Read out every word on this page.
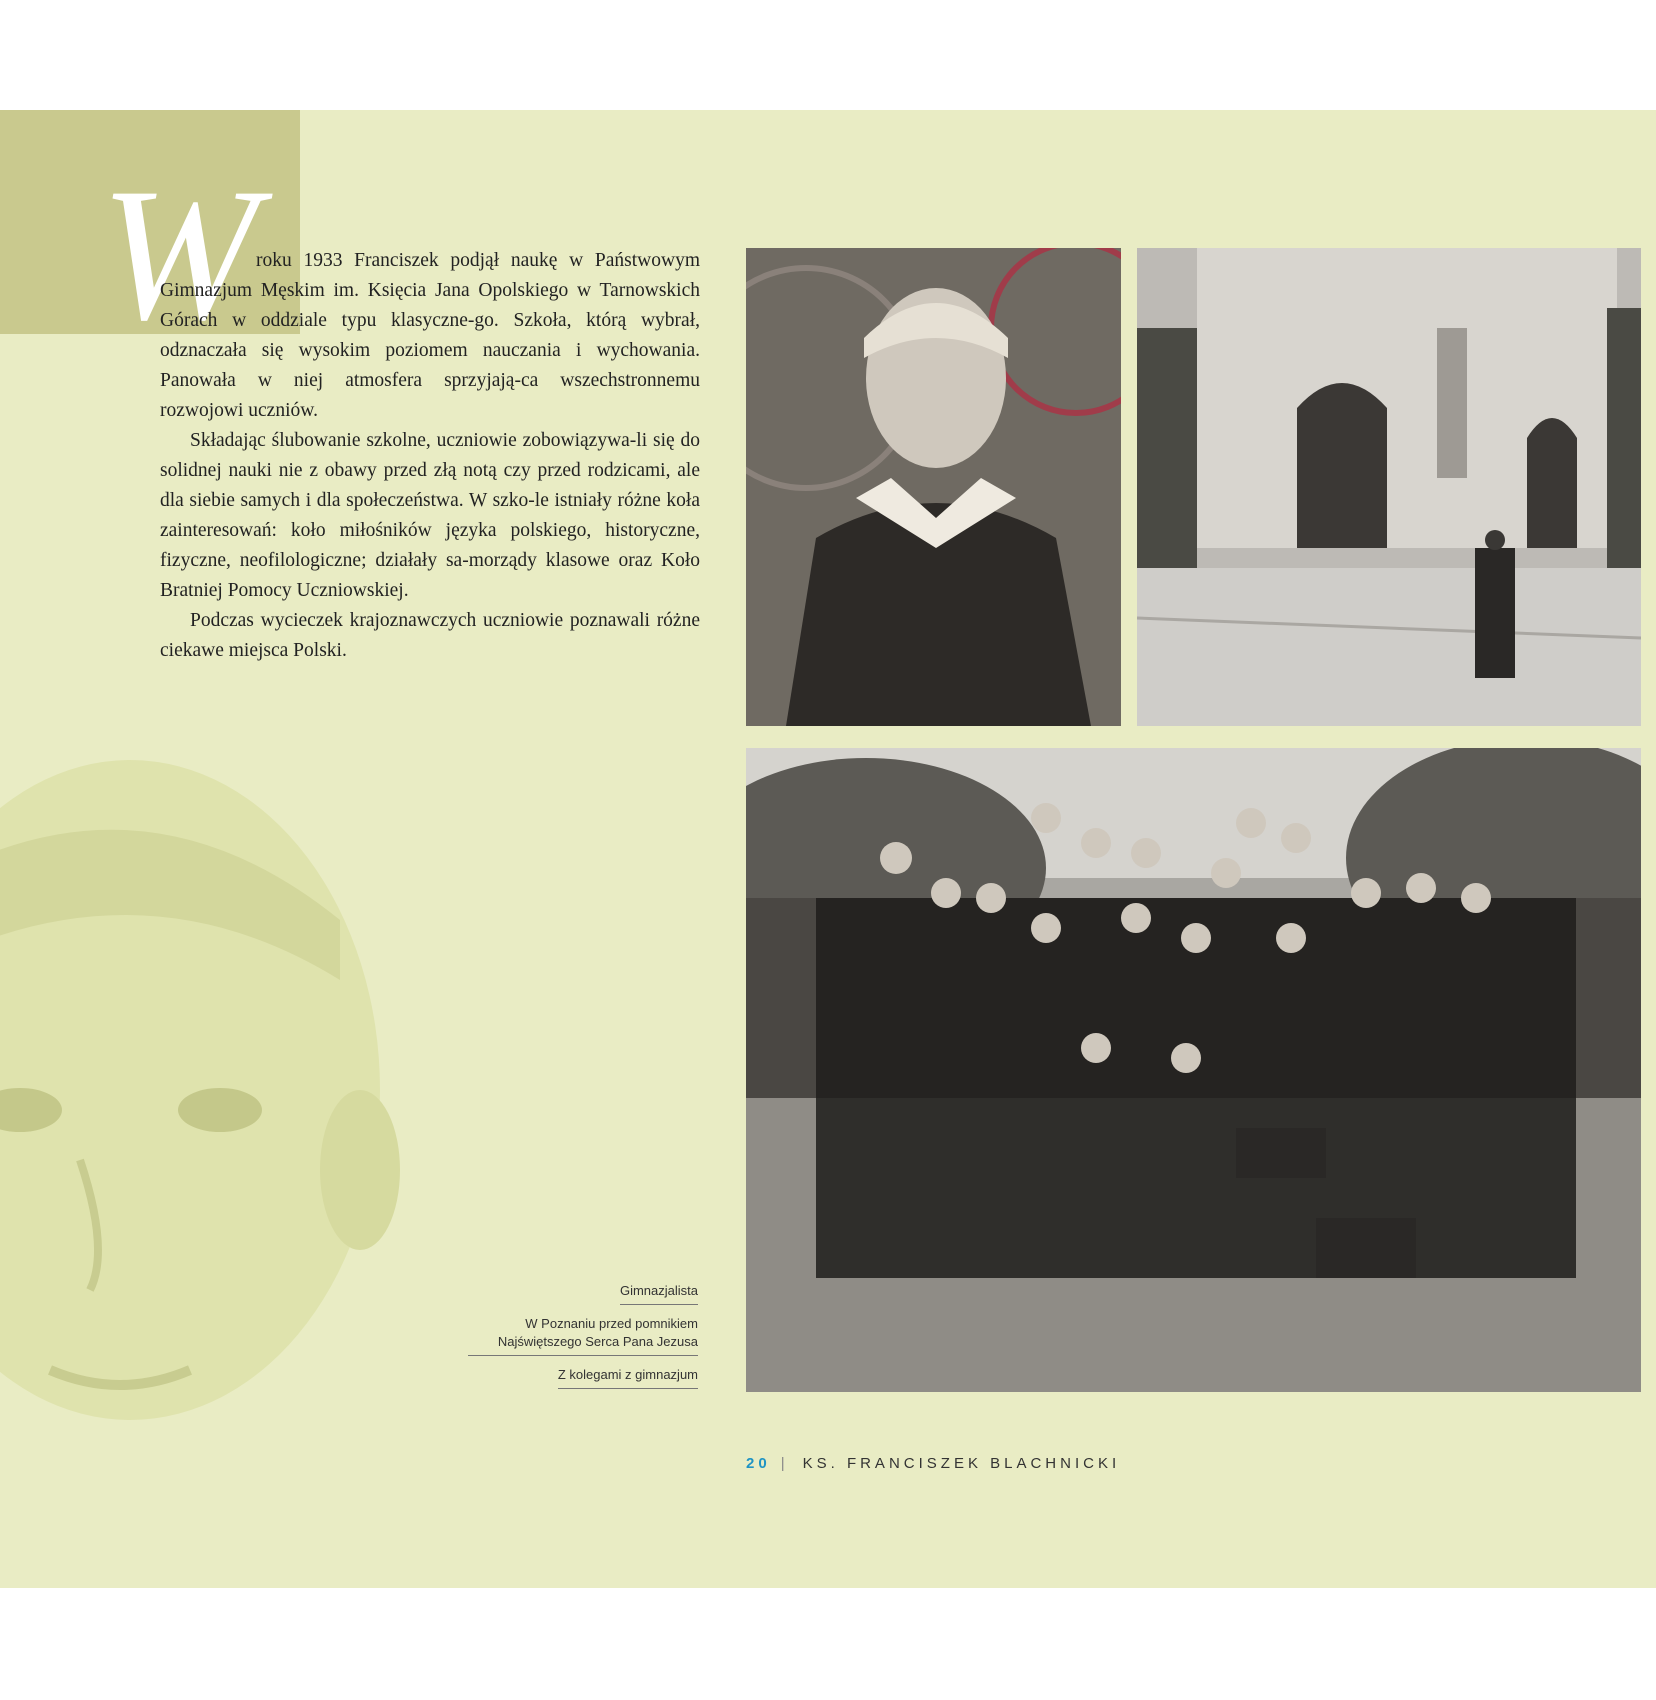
W

roku 1933 Franciszek podjął naukę w Państwowym Gimnazjum Męskim im. Księcia Jana Opolskiego w Tarnowskich Górach w oddziale typu klasyczne-go. Szkoła, którą wybrał, odznaczała się wysokim poziomem nauczania i wychowania. Panowała w niej atmosfera sprzyjają-ca wszechstronnemu rozwojowi uczniów.

Składając ślubowanie szkolne, uczniowie zobowiązywa-li się do solidnej nauki nie z obawy przed złą notą czy przed rodzicami, ale dla siebie samych i dla społeczeństwa. W szko-le istniały różne koła zainteresowań: koło miłośników języka polskiego, historyczne, fizyczne, neofilologiczne; działały sa-morządy klasowe oraz Koło Bratniej Pomocy Uczniowskiej.

Podczas wycieczek krajoznawczych uczniowie poznawali różne ciekawe miejsca Polski.

Gimnazjalista
W Poznaniu przed pomnikiem Najświętszego Serca Pana Jezusa
Z kolegami z gimnazjum
20 | KS. FRANCISZEK BLACHNICKI
